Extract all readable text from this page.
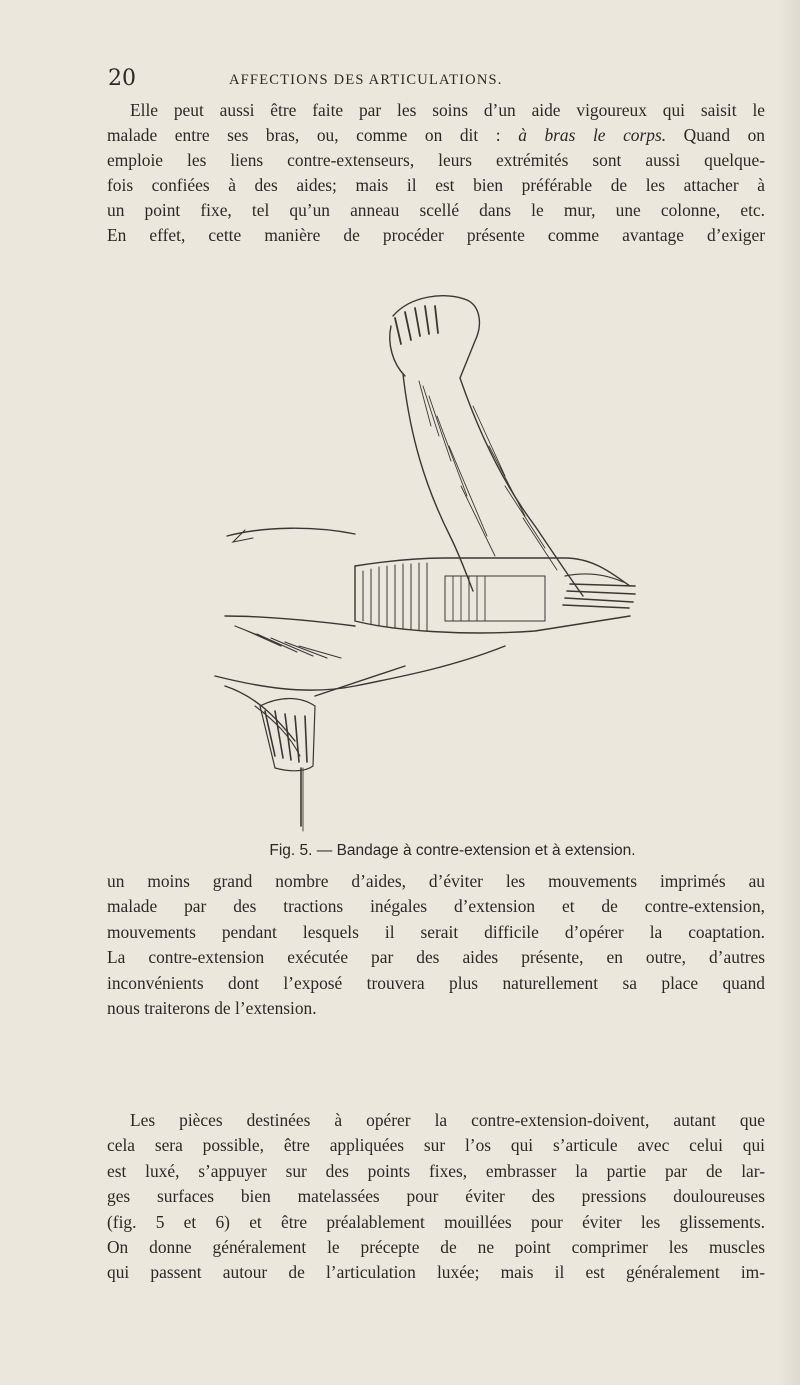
20	AFFECTIONS DES ARTICULATIONS.
Elle peut aussi être faite par les soins d’un aide vigoureux qui saisit le
malade entre ses bras, ou, comme on dit : à bras le corps. Quand on
emploie les liens contre-extenseurs, leurs extrémités sont aussi quelque-
fois confiées à des aides; mais il est bien préférable de les attacher à
un point fixe, tel qu’un anneau scellé dans le mur, une colonne, etc.
En effet, cette manière de procéder présente comme avantage d’exiger
Fig. 5. — Bandage à contre-extension et à extension.
un moins grand nombre d’aides, d’éviter les mouvements imprimés au
malade par des tractions inégales d’extension et de contre-extension,
mouvements pendant lesquels il serait difficile d’opérer la coaptation.
La contre-extension exécutée par des aides présente, en outre, d’autres
inconvénients dont l’exposé trouvera plus naturellement sa place quand
nous traiterons de l’extension.
Les pièces destinées à opérer la contre-extension-doivent, autant que
cela sera possible, être appliquées sur l’os qui s’articule avec celui qui
est luxé, s’appuyer sur des points fixes, embrasser la partie par de lar-
ges surfaces bien matelassées pour éviter des pressions douloureuses
(fig. 5 et 6) et être préalablement mouillées pour éviter les glissements.
On donne généralement le précepte de ne point comprimer les muscles
qui passent autour de l’articulation luxée; mais il est généralement im-
